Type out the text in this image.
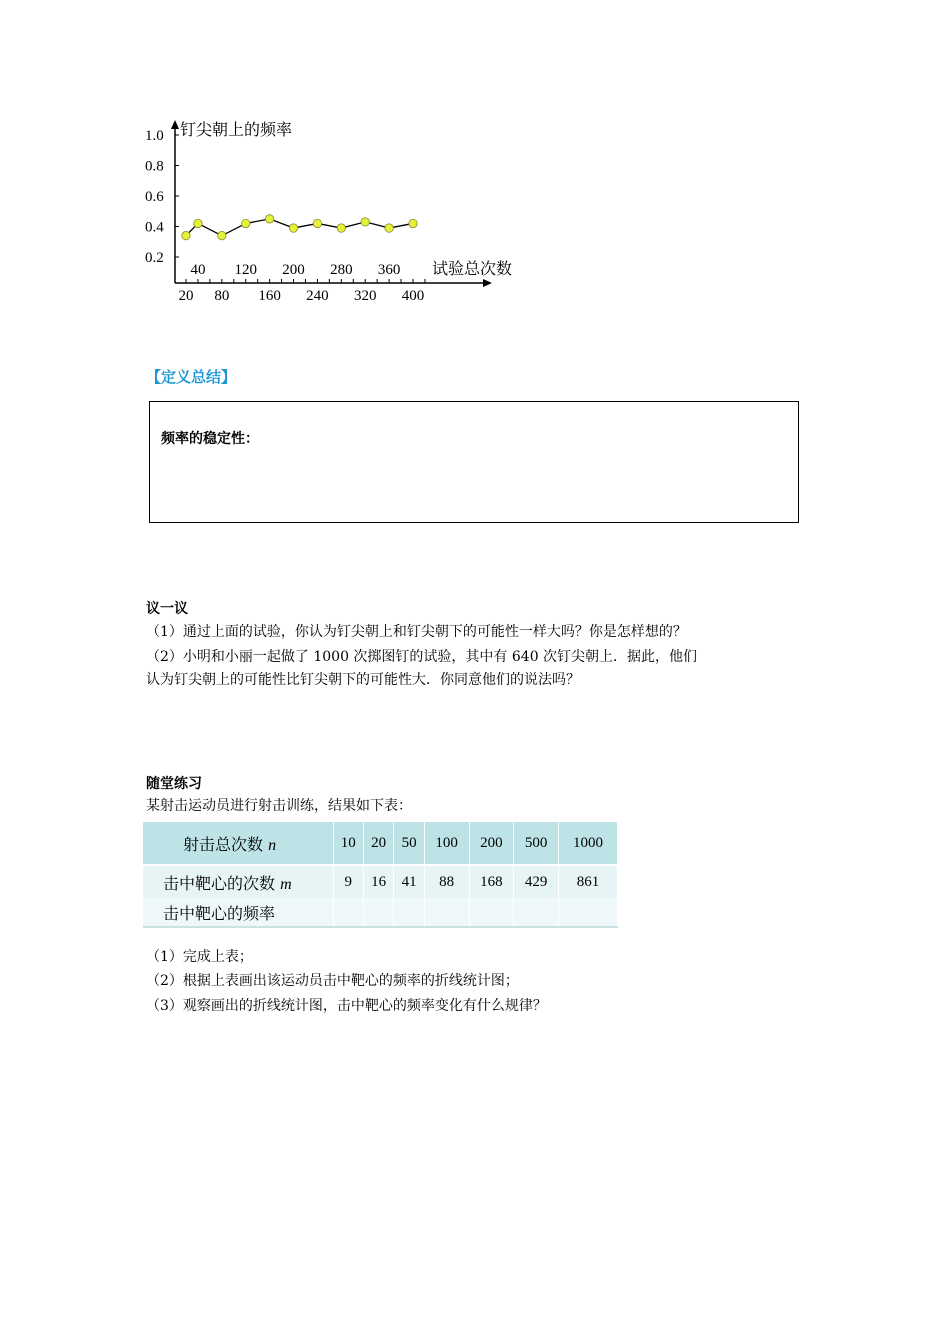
钉尖朝上的频率
试验总次数
1.0
0.8
0.6
0.4
0.2
40 120 200 280 360
20 80 160 240 320 400
【定义总结】
频率的稳定性：
议一议
（1）通过上面的试验，你认为钉尖朝上和钉尖朝下的可能性一样大吗？你是怎样想的？
（2）小明和小丽一起做了 1000 次掷图钉的试验，其中有 640 次钉尖朝上．据此，他们
认为钉尖朝上的可能性比钉尖朝下的可能性大．你同意他们的说法吗？
随堂练习
某射击运动员进行射击训练，结果如下表：
射击总次数 n	10	20	50	100	200	500	1000
击中靶心的次数 m	9	16	41	88	168	429	861
击中靶心的频率							
（1）完成上表；
（2）根据上表画出该运动员击中靶心的频率的折线统计图；
（3）观察画出的折线统计图，击中靶心的频率变化有什么规律？
